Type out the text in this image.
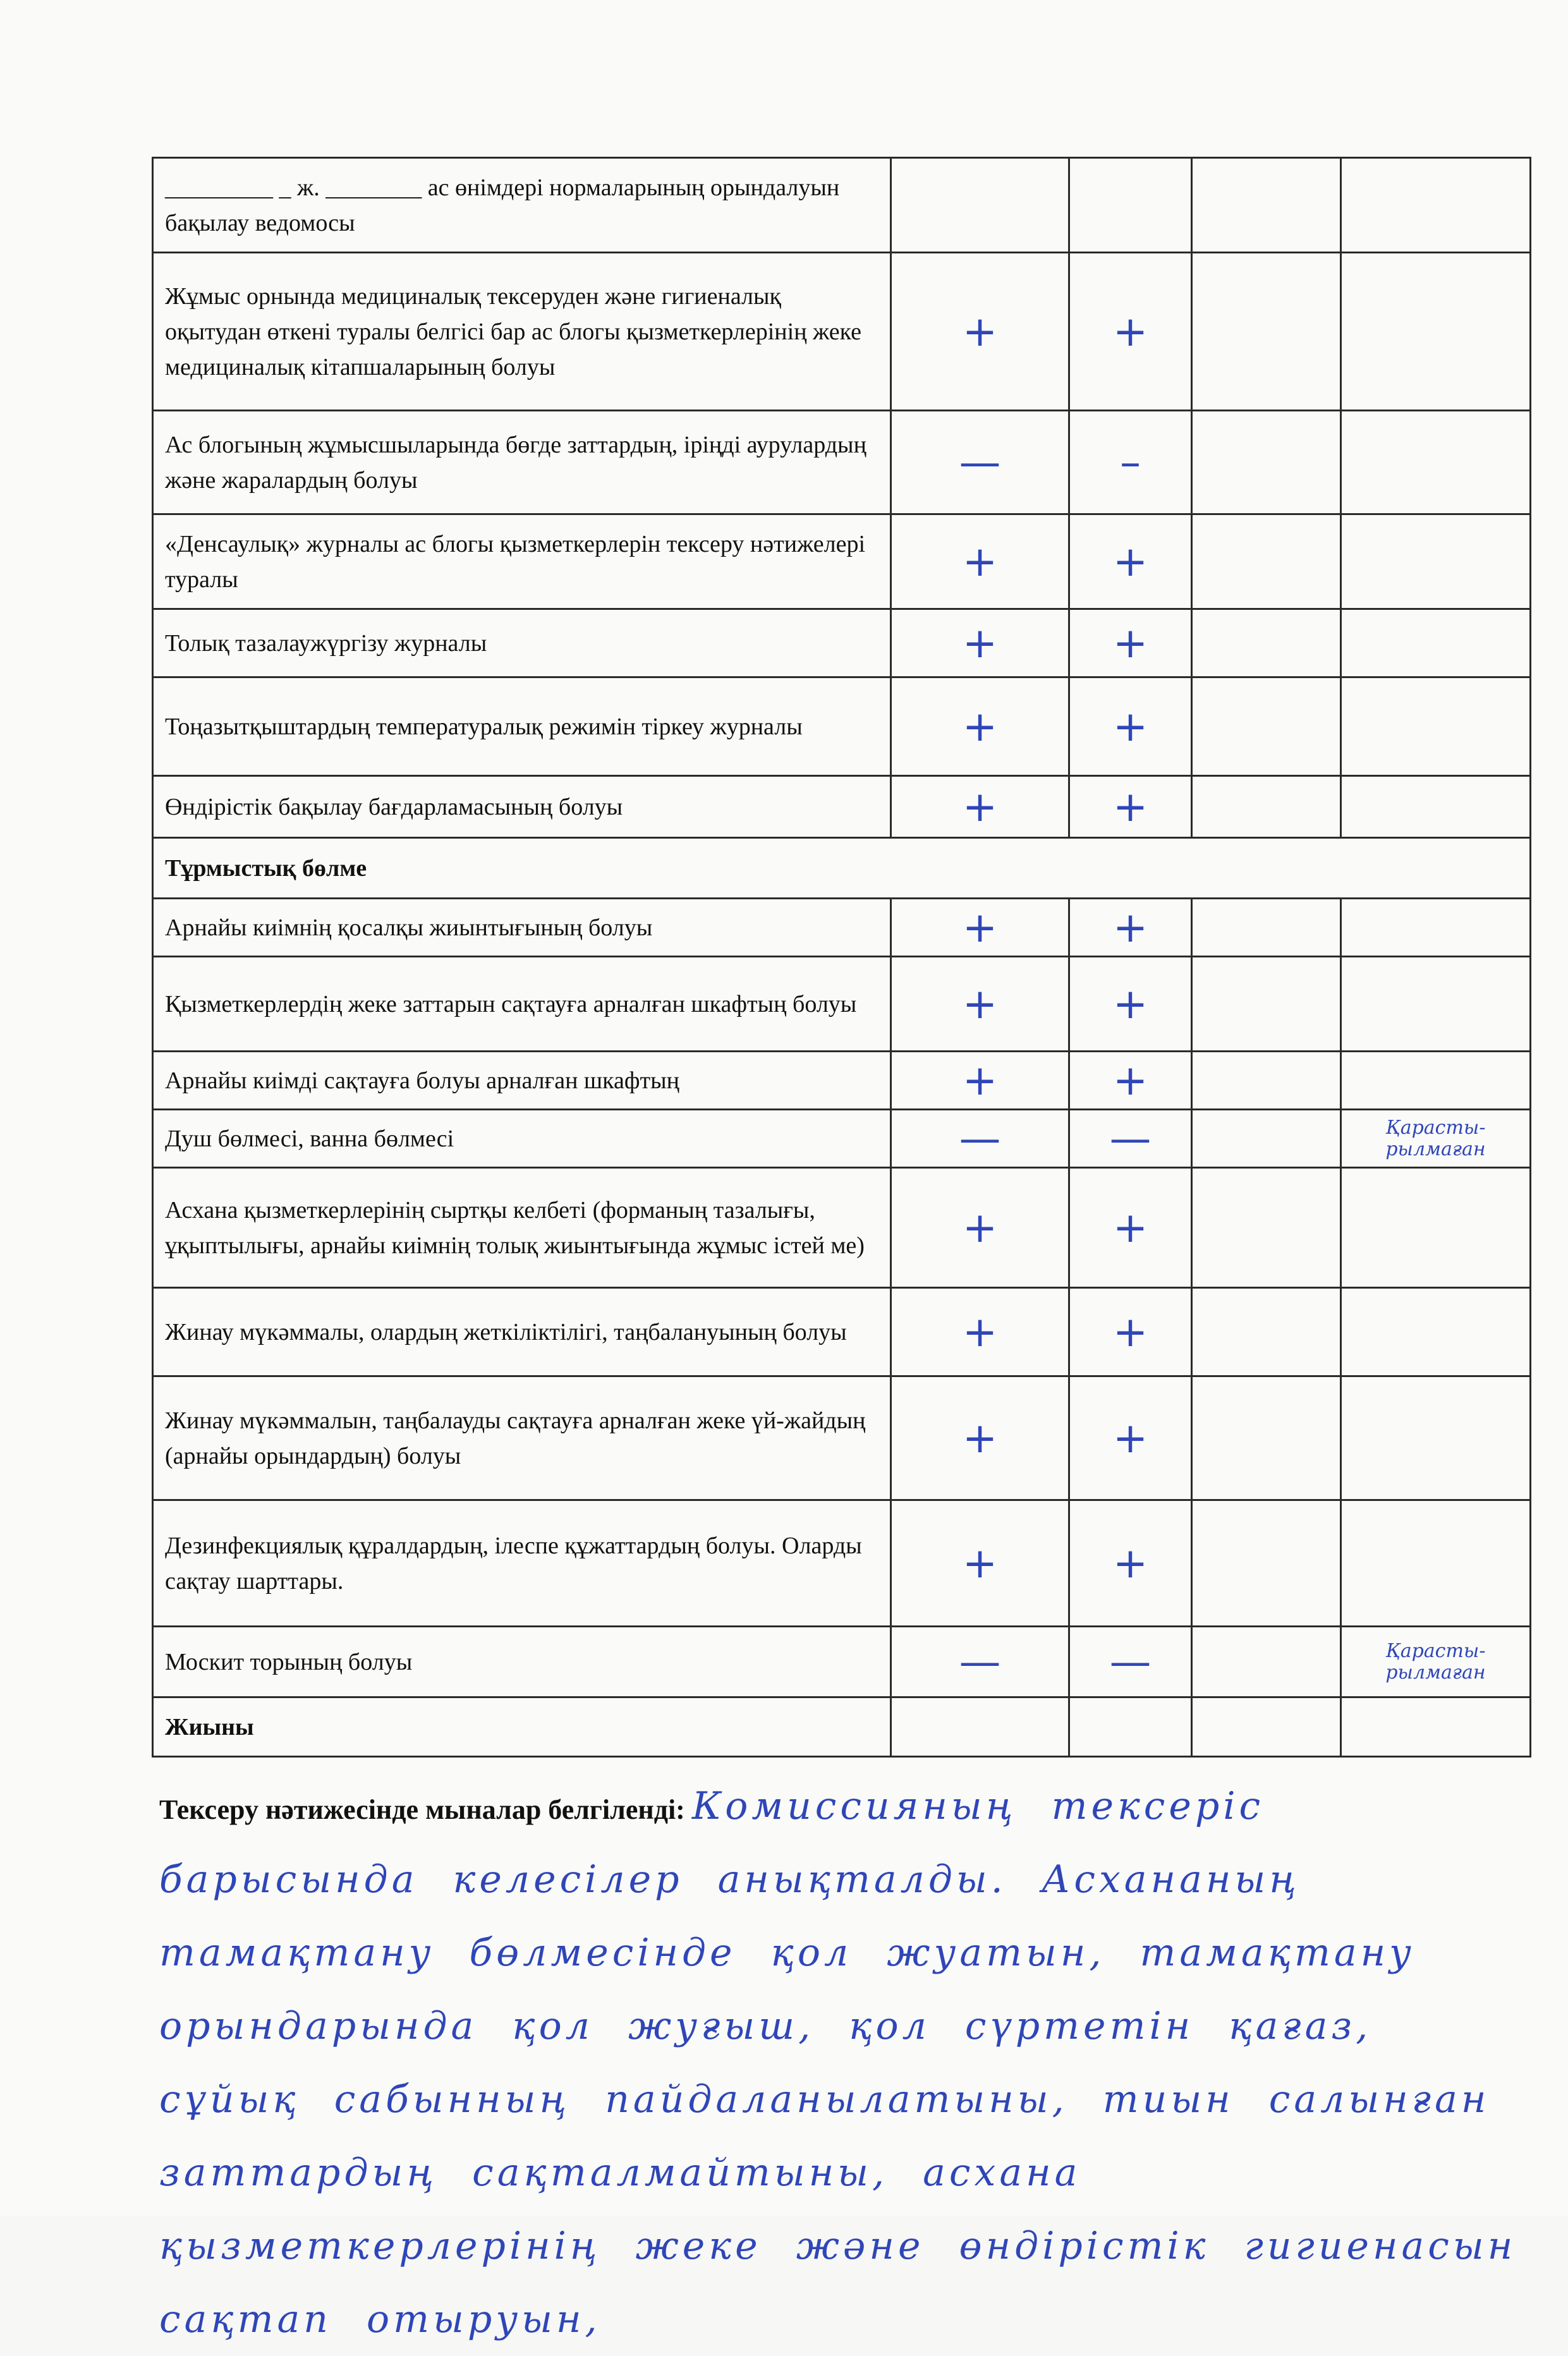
_________ _ ж. ________ ас өнімдері нормаларының орындалуын бақылау ведомосы				
Жұмыс орнында медициналық тексеруден және гигиеналық оқытудан өткені туралы белгісі бар ас блогы қызметкерлерінің жеке медициналық кітапшаларының болуы	+	+		
Ас блогының жұмысшыларында бөгде заттардың, іріңді аурулардың және жаралардың болуы	—	–		
«Денсаулық» журналы ас блогы қызметкерлерін тексеру нәтижелері туралы	+	+		
Толық тазалаужүргізу журналы	+	+		
Тоңазытқыштардың температуралық режимін тіркеу журналы	+	+		
Өндірістік бақылау бағдарламасының болуы	+	+		
Тұрмыстық бөлме				
Арнайы киімнің қосалқы жиынтығының болуы	+	+		
Қызметкерлердің жеке заттарын сақтауға арналған шкафтың болуы	+	+		
Арнайы киімді сақтауға болуы арналған шкафтың	+	+		
Душ бөлмесі, ванна бөлмесі	—	—		Қарасты- рылмаған
Асхана қызметкерлерінің сыртқы келбеті (форманың тазалығы, ұқыптылығы, арнайы киімнің толық жиынтығында жұмыс істей ме)	+	+		
Жинау мүкәммалы, олардың жеткіліктілігі, таңбалануының болуы	+	+		
Жинау мүкәммалын, таңбалауды сақтауға арналған жеке үй-жайдың (арнайы орындардың) болуы	+	+		
Дезинфекциялық құралдардың, ілеспе құжаттардың болуы. Оларды сақтау шарттары.	+	+		
Москит торының болуы	—	—		Қарасты- рылмаған
Жиыны				

Тексеру нәтижесінде мыналар белгіленді: Комиссияның тексеріс барысында келесілер анықталды. Асхананың тамақтану бөлмесінде қол жуатын, тамақтану орындарында қол жуғыш, қол сүртетін қағаз, сұйық сабынның пайдаланылатыны, тиын салынған заттардың сақталмайтыны, асхана қызметкерлерінің жеке және өндірістік гигиенасын сақтап отыруын,
